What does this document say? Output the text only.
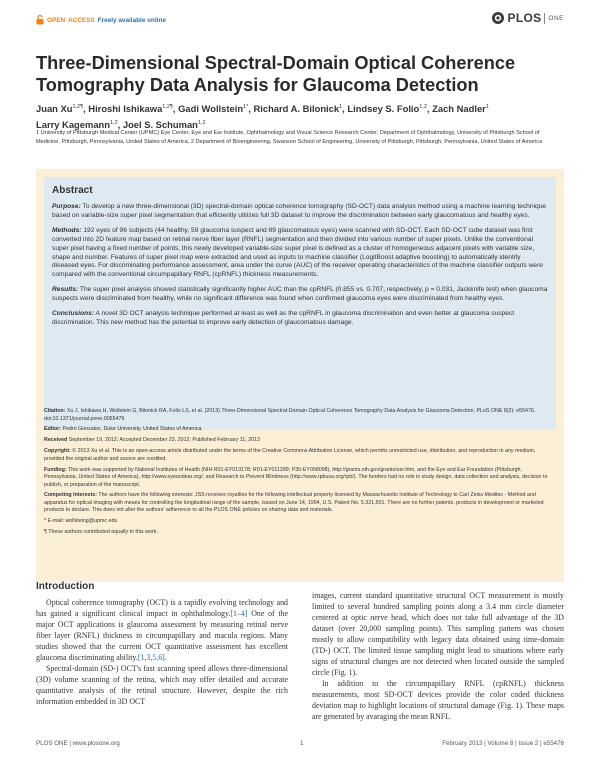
OPEN ACCESS Freely available online	PLOS ONE
Three-Dimensional Spectral-Domain Optical Coherence Tomography Data Analysis for Glaucoma Detection
Juan $Xu^{1,2\P}$, Hiroshi Ishikawa$^{1,2\P}$, Gadi Wollstein$^{1*}$, Richard A. Bilonick$^1$, Lindsey S. Folio$^{1,2}$, Zach Nadler$^1$
Larry Kagemann$^{1,2}$, Joel S. Schuman$^{1,2}$
1 University of Pittsburgh Medical Center (UPMC) Eye Center, Eye and Ear Institute, Ophthalmology and Visual Science Research Center, Department of Ophthalmology, University of Pittsburgh School of Medicine, Pittsburgh, Pennsylvania, United States of America, 2 Department of Bioengineering, Swanson School of Engineering, University of Pittsburgh, Pittsburgh, Pennsylvania, United States of America
Abstract

Purpose: To develop a new three-dimensional (3D) spectral-domain optical coherence tomography (SD-OCT) data analysis method using a machine learning technique based on variable-size super pixel segmentation that efficiently utilizes full 3D dataset to improve the discrimination between early glaucomatous and healthy eyes.

Methods: 192 eyes of 96 subjects (44 healthy, 59 glaucoma suspect and 89 glaucomatous eyes) were scanned with SD-OCT. Each SD-OCT cube dataset was first converted into 2D feature map based on retinal nerve fiber layer (RNFL) segmentation and then divided into various number of super pixels. Unlike the conventional super pixel having a fixed number of points, this newly developed variable-size super pixel is defined as a cluster of homogeneous adjacent pixels with variable size, shape and number. Features of super pixel map were extracted and used as inputs to machine classifier (LogitBoost adaptive boosting) to automatically identify diseased eyes. For discriminating performance assessment, area under the curve (AUC) of the receiver operating characteristics of the machine classifier outputs were compared with the conventional circumpapillary RNFL (cpRNFL) thickness measurements.

Results: The super pixel analysis showed statistically significantly higher AUC than the cpRNFL (0.855 vs. 0.707, respectively, p = 0.031, Jackknife test) when glaucoma suspects were discriminated from healthy, while no significant difference was found when confirmed glaucoma eyes were discriminated from healthy eyes.

Conclusions: A novel 3D OCT analysis technique performed at least as well as the cpRNFL in glaucoma discrimination and even better at glaucoma suspect discrimination. This new method has the potential to improve early detection of glaucomatous damage.

Citation: Xu J, Ishikawa H, Wollstein G, Bilonick RA, Folio LS, et al. (2013) Three-Dimensional Spectral-Domain Optical Coherence Tomography Data Analysis for Glaucoma Detection. PLoS ONE 8(2): e55476. doi:10.1371/journal.pone.0055476

Editor: Pedro Gonzalez, Duke University, United States of America

Received September 19, 2012; Accepted December 23, 2012; Published February 11, 2013

Copyright: © 2013 Xu et al. This is an open-access article distributed under the terms of the Creative Commons Attribution License, which permits unrestricted use, distribution, and reproduction in any medium, provided the original author and source are credited.

Funding: This work was supported by National Institutes of Health (NIH R01-EY013178; R01-EY011289; P30-EY008098), http://grants.nih.gov/grants/oer.htm, and the Eye and Ear Foundation (Pittsburgh, Pennsylvania, United States of America), http://www.eyeandear.org/; and Research to Prevent Blindness (http://www.rpbusa.org/rpb/). The funders had no role in study design, data collection and analysis, decision to publish, or preparation of the manuscript.

Competing Interests: The authors have the following interests: JSS receives royalties for the following intellectual property licensed by Massachusetts Institute of Technology to Carl Zeiss Meditec - Method and apparatus for optical imaging with means for controlling the longitudinal range of the sample, issued on June 14, 1994, U.S. Patent No. 5,321,501. There are no further patents, products in development or marketed products to declare. This does not alter the authors' adherence to all the PLOS ONE policies on sharing data and materials.

* E-mail: wollsteing@upmc.edu

¶ These authors contributed equally to this work.

Introduction

Optical coherence tomography (OCT) is a rapidly evolving technology and has gained a significant clinical impact in ophthalmology.[1–4] One of the major OCT applications is glaucoma assessment by measuring retinal nerve fiber layer (RNFL) thickness in circumpapillary and macula regions. Many studies showed that the current OCT quantitative assessment has excellent glaucoma discriminating ability.[1,3,5,6].

Spectral-domain (SD-) OCT's fast scanning speed allows three-dimensional (3D) volume scanning of the retina, which may offer detailed and accurate quantitative analysis of the retinal structure. However, despite the rich information embedded in 3D OCT

images, current standard quantitative structural OCT measurement is mostly limited to several hundred sampling points along a 3.4 mm circle diameter centered at optic nerve head, which does not take full advantage of the 3D dataset (over 20,000 sampling points). This sampling pattern was chosen mostly to allow compatibility with legacy data obtained using time-domain (TD-) OCT. The limited tissue sampling might lead to situations where early signs of structural changes are not detected when located outside the sampled circle (Fig. 1).

In addition to the circumpapillary RNFL (cpRNFL) thickness measurements, most SD-OCT devices provide the color coded thickness deviation map to highlight locations of structural damage (Fig. 1). These maps are generated by avaraging the mean RNFL

PLOS ONE | www.plosone.org	1	February 2013 | Volume 8 | Issue 2 | e55476
